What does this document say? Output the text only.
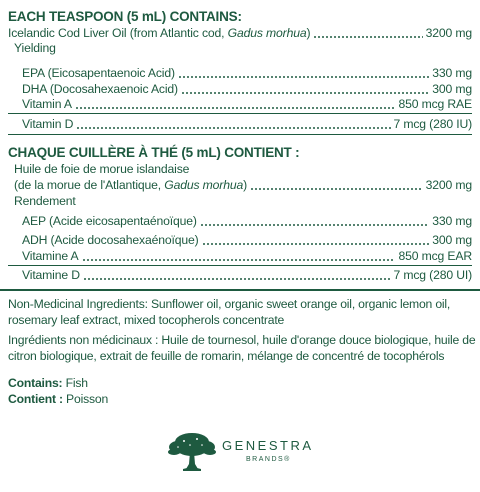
EACH TEASPOON (5 mL) CONTAINS:
Icelandic Cod Liver Oil (from Atlantic cod, Gadus morhua)	3200 mg
Yielding
EPA (Eicosapentaenoic Acid)	330 mg
DHA (Docosahexaenoic Acid)	300 mg
Vitamin A	850 mcg RAE
Vitamin D	7 mcg (280 IU)
CHAQUE CUILLÈRE À THÉ (5 mL) CONTIENT :
Huile de foie de morue islandaise
(de la morue de l'Atlantique, Gadus morhua)	3200 mg
Rendement
AEP (Acide eicosapentaénoïque)	330 mg
ADH (Acide docosahexaénoïque)	300 mg
Vitamine A	850 mcg EAR
Vitamine D	7 mcg (280 UI)
Non-Medicinal Ingredients: Sunflower oil, organic sweet orange oil, organic lemon oil, rosemary leaf extract, mixed tocopherols concentrate
Ingrédients non médicinaux : Huile de tournesol, huile d'orange douce biologique, huile de citron biologique, extrait de feuille de romarin, mélange de concentré de tocophérols
Contains: Fish
Contient : Poisson
GENESTRA
BRANDS®
